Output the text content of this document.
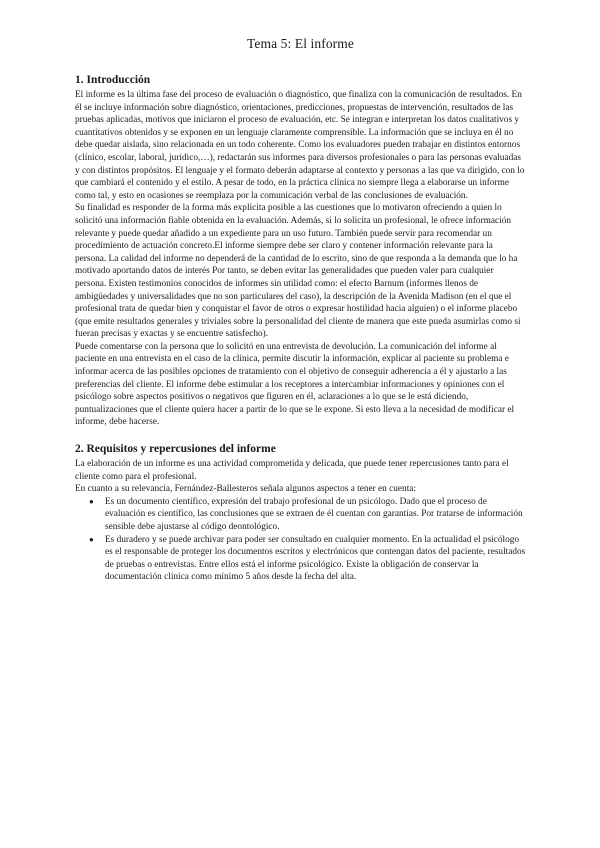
Tema 5: El informe
1. Introducción

El informe es la última fase del proceso de evaluación o diagnóstico, que finaliza con la comunicación de resultados. En él se incluye información sobre diagnóstico, orientaciones, predicciones, propuestas de intervención, resultados de las pruebas aplicadas, motivos que iniciaron el proceso de evaluación, etc. Se integran e interpretan los datos cualitativos y cuantitativos obtenidos y se exponen en un lenguaje claramente comprensible. La información que se incluya en él no debe quedar aislada, sino relacionada en un todo coherente. Como los evaluadores pueden trabajar en distintos entornos (clínico, escolar, laboral, jurídico,…), redactarán sus informes para diversos profesionales o para las personas evaluadas y con distintos propósitos. El lenguaje y el formato deberán adaptarse al contexto y personas a las que va dirigido, con lo que cambiará el contenido y el estilo. A pesar de todo, en la práctica clínica no siempre llega a elaborarse un informe como tal, y esto en ocasiones se reemplaza por la comunicación verbal de las conclusiones de evaluación.

Su finalidad es responder de la forma más explícita posible a las cuestiones que lo motivaron ofreciendo a quien lo solicitó una información fiable obtenida en la evaluación. Además, si lo solicita un profesional, le ofrece información relevante y puede quedar añadido a un expediente para un uso futuro. También puede servir para recomendar un procedimiento de actuación concreto.El informe siempre debe ser claro y contener información relevante para la persona. La calidad del informe no dependerá de la cantidad de lo escrito, sino de que responda a la demanda que lo ha motivado aportando datos de interés Por tanto, se deben evitar las generalidades que pueden valer para cualquier persona. Existen testimonios conocidos de informes sin utilidad como: el efecto Barnum (informes llenos de ambigüedades y universalidades que no son particulares del caso), la descripción de la Avenida Madison (en el que el profesional trata de quedar bien y conquistar el favor de otros o expresar hostilidad hacia alguien) o el informe placebo (que emite resultados generales y triviales sobre la personalidad del cliente de manera que este pueda asumirlas como si fueran precisas y exactas y se encuentre satisfecho).

Puede comentarse con la persona que lo solicitó en una entrevista de devolución. La comunicación del informe al paciente en una entrevista en el caso de la clínica, permite discutir la información, explicar al paciente su problema e informar acerca de las posibles opciones de tratamiento con el objetivo de conseguir adherencia a él y ajustarlo a las preferencias del cliente. El informe debe estimular a los receptores a intercambiar informaciones y opiniones con el psicólogo sobre aspectos positivos o negativos que figuren en él, aclaraciones a lo que se le está diciendo, puntualizaciones que el cliente quiera hacer a partir de lo que se le expone. Si esto lleva a la necesidad de modificar el informe, debe hacerse.

2. Requisitos y repercusiones del informe

La elaboración de un informe es una actividad comprometida y delicada, que puede tener repercusiones tanto para el cliente como para el profesional.

En cuanto a su relevancia, Fernández-Ballesteros señala algunos aspectos a tener en cuenta:

● Es un documento científico, expresión del trabajo profesional de un psicólogo. Dado que el proceso de evaluación es científico, las conclusiones que se extraen de él cuentan con garantías. Por tratarse de información sensible debe ajustarse al código deontológico.
● Es duradero y se puede archivar para poder ser consultado en cualquier momento. En la actualidad el psicólogo es el responsable de proteger los documentos escritos y electrónicos que contengan datos del paciente, resultados de pruebas o entrevistas. Entre ellos está el informe psicológico. Existe la obligación de conservar la documentación clínica como mínimo 5 años desde la fecha del alta.
